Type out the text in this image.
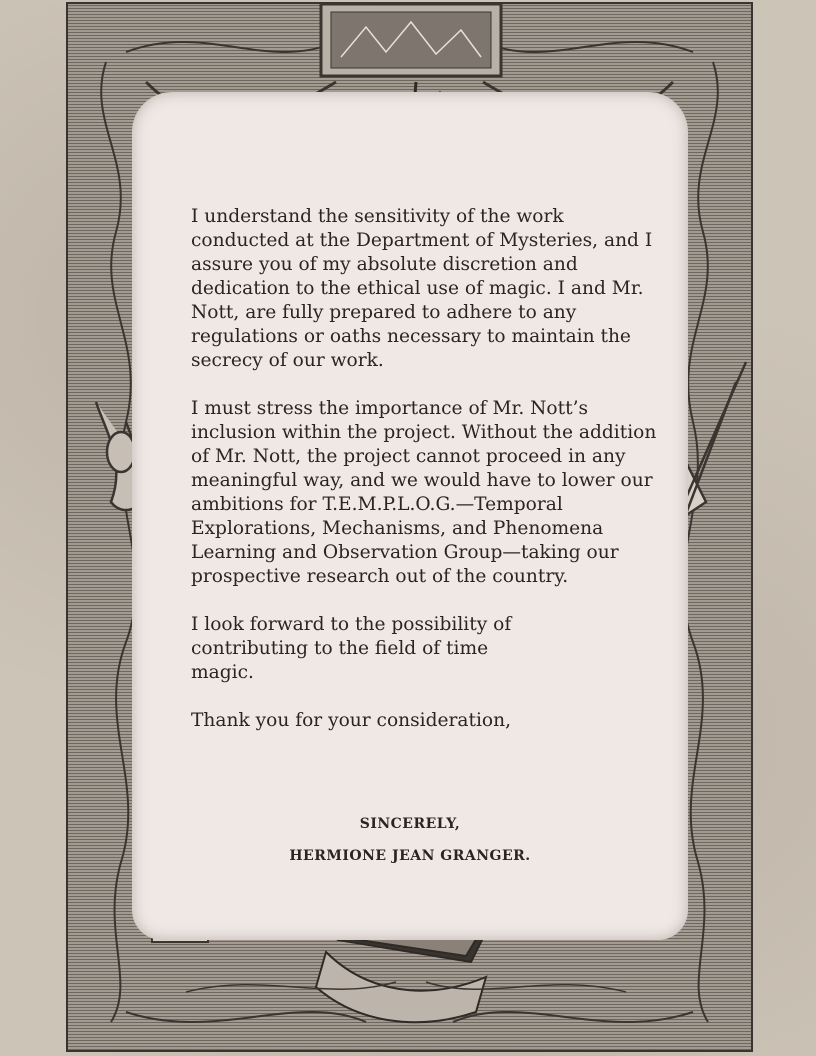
I understand the sensitivity of the work conducted at the Department of Mysteries, and I assure you of my absolute discretion and dedication to the ethical use of magic. I and Mr. Nott, are fully prepared to adhere to any regulations or oaths necessary to maintain the secrecy of our work.

I must stress the importance of Mr. Nott’s inclusion within the project. Without the addition of Mr. Nott, the project cannot proceed in any meaningful way, and we would have to lower our ambitions for T.E.M.P.L.O.G.—Temporal Explorations, Mechanisms, and Phenomena Learning and Observation Group—taking our prospective research out of the country.

I look forward to the possibility of contributing to the field of time magic.

Thank you for your consideration,

SINCERELY,
HERMIONE JEAN GRANGER.
